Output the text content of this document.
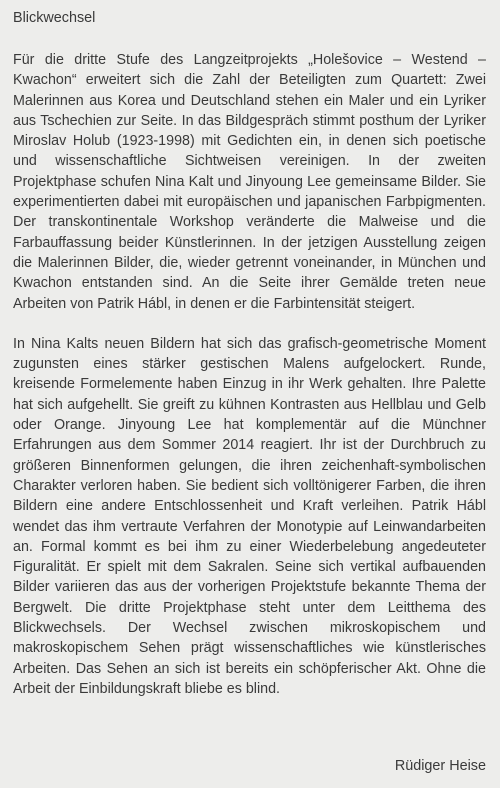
Blickwechsel

Für die dritte Stufe des Langzeitprojekts „Holešovice – Westend – Kwachon“ erweitert sich die Zahl der Beteiligten zum Quartett: Zwei Malerinnen aus Korea und Deutschland stehen ein Maler und ein Lyriker aus Tschechien zur Seite. In das Bildgespräch stimmt posthum der Lyriker Miroslav Holub (1923-1998) mit Gedichten ein, in denen sich poetische und wissenschaftliche Sichtweisen vereinigen. In der zweiten Projektphase schufen Nina Kalt und Jinyoung Lee gemeinsame Bilder. Sie experimentierten dabei mit europäischen und japanischen Farbpigmenten. Der transkontinentale Workshop veränderte die Malweise und die Farbauffassung beider Künstlerinnen. In der jetzigen Ausstellung zeigen die Malerinnen Bilder, die, wieder getrennt voneinander, in München und Kwachon entstanden sind. An die Seite ihrer Gemälde treten neue Arbeiten von Patrik Hábl, in denen er die Farbintensität steigert.

In Nina Kalts neuen Bildern hat sich das grafisch-geometrische Moment zugunsten eines stärker gestischen Malens aufgelockert. Runde, kreisende Formelemente haben Einzug in ihr Werk gehalten. Ihre Palette hat sich aufgehellt. Sie greift zu kühnen Kontrasten aus Hellblau und Gelb oder Orange. Jinyoung Lee hat komplementär auf die Münchner Erfahrungen aus dem Sommer 2014 reagiert. Ihr ist der Durchbruch zu größeren Binnenformen gelungen, die ihren zeichenhaft-symbolischen Charakter verloren haben. Sie bedient sich volltönigerer Farben, die ihren Bildern eine andere Entschlossenheit und Kraft verleihen. Patrik Hábl wendet das ihm vertraute Verfahren der Monotypie auf Leinwandarbeiten an. Formal kommt es bei ihm zu einer Wiederbelebung angedeuteter Figuralität. Er spielt mit dem Sakralen. Seine sich vertikal aufbauenden Bilder variieren das aus der vorherigen Projektstufe bekannte Thema der Bergwelt. Die dritte Projektphase steht unter dem Leitthema des Blickwechsels. Der Wechsel zwischen mikroskopischem und makroskopischem Sehen prägt wissenschaftliches wie künstlerisches Arbeiten. Das Sehen an sich ist bereits ein schöpferischer Akt. Ohne die Arbeit der Einbildungskraft bliebe es blind.

Rüdiger Heise
